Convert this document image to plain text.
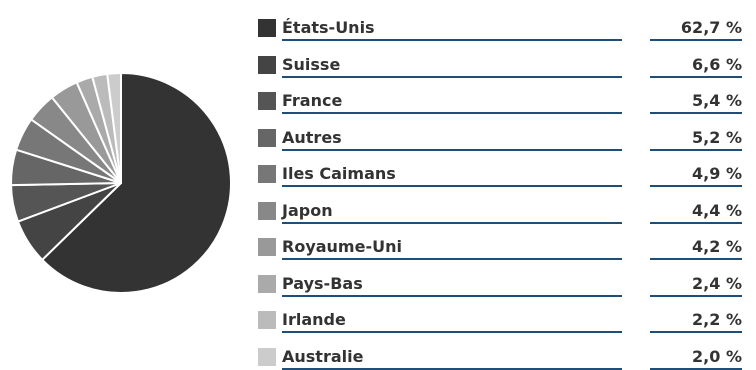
États-Unis	62,7 %
Suisse	6,6 %
France	5,4 %
Autres	5,2 %
Iles Caimans	4,9 %
Japon	4,4 %
Royaume-Uni	4,2 %
Pays-Bas	2,4 %
Irlande	2,2 %
Australie	2,0 %
